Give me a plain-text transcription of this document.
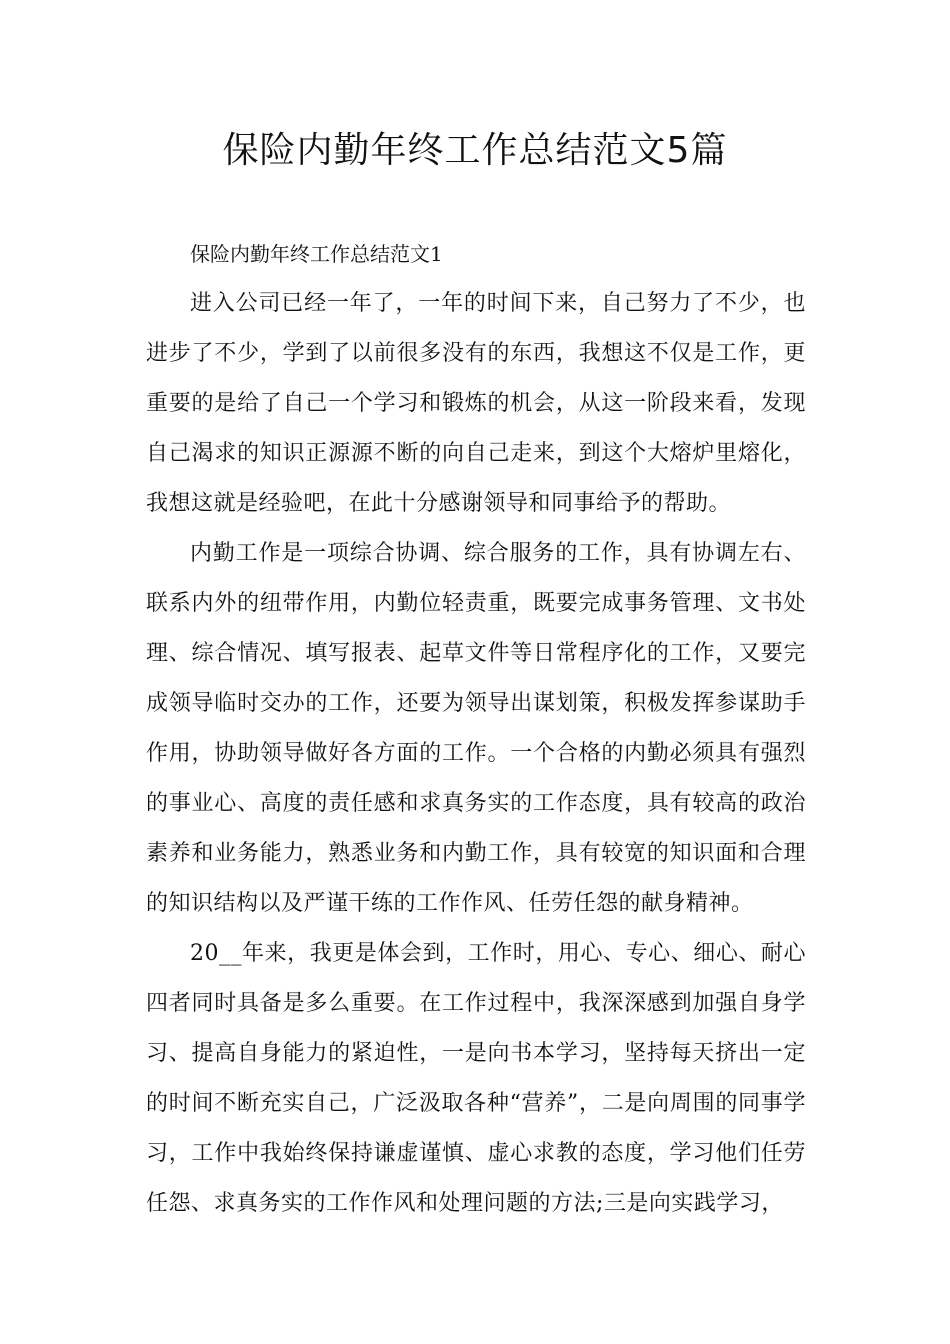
保险内勤年终工作总结范文5篇

保险内勤年终工作总结范文1

进入公司已经一年了，一年的时间下来，自己努力了不少，也进步了不少，学到了以前很多没有的东西，我想这不仅是工作，更重要的是给了自己一个学习和锻炼的机会，从这一阶段来看，发现自己渴求的知识正源源不断的向自己走来，到这个大熔炉里熔化，我想这就是经验吧，在此十分感谢领导和同事给予的帮助。

内勤工作是一项综合协调、综合服务的工作，具有协调左右、联系内外的纽带作用，内勤位轻责重，既要完成事务管理、文书处理、综合情况、填写报表、起草文件等日常程序化的工作，又要完成领导临时交办的工作，还要为领导出谋划策，积极发挥参谋助手作用，协助领导做好各方面的工作。一个合格的内勤必须具有强烈的事业心、高度的责任感和求真务实的工作态度，具有较高的政治素养和业务能力，熟悉业务和内勤工作，具有较宽的知识面和合理的知识结构以及严谨干练的工作作风、任劳任怨的献身精神。

20__年来，我更是体会到，工作时，用心、专心、细心、耐心四者同时具备是多么重要。在工作过程中，我深深感到加强自身学习、提高自身能力的紧迫性，一是向书本学习，坚持每天挤出一定的时间不断充实自己，广泛汲取各种“营养”，二是向周围的同事学习，工作中我始终保持谦虚谨慎、虚心求教的态度，学习他们任劳任怨、求真务实的工作作风和处理问题的方法;三是向实践学习，
